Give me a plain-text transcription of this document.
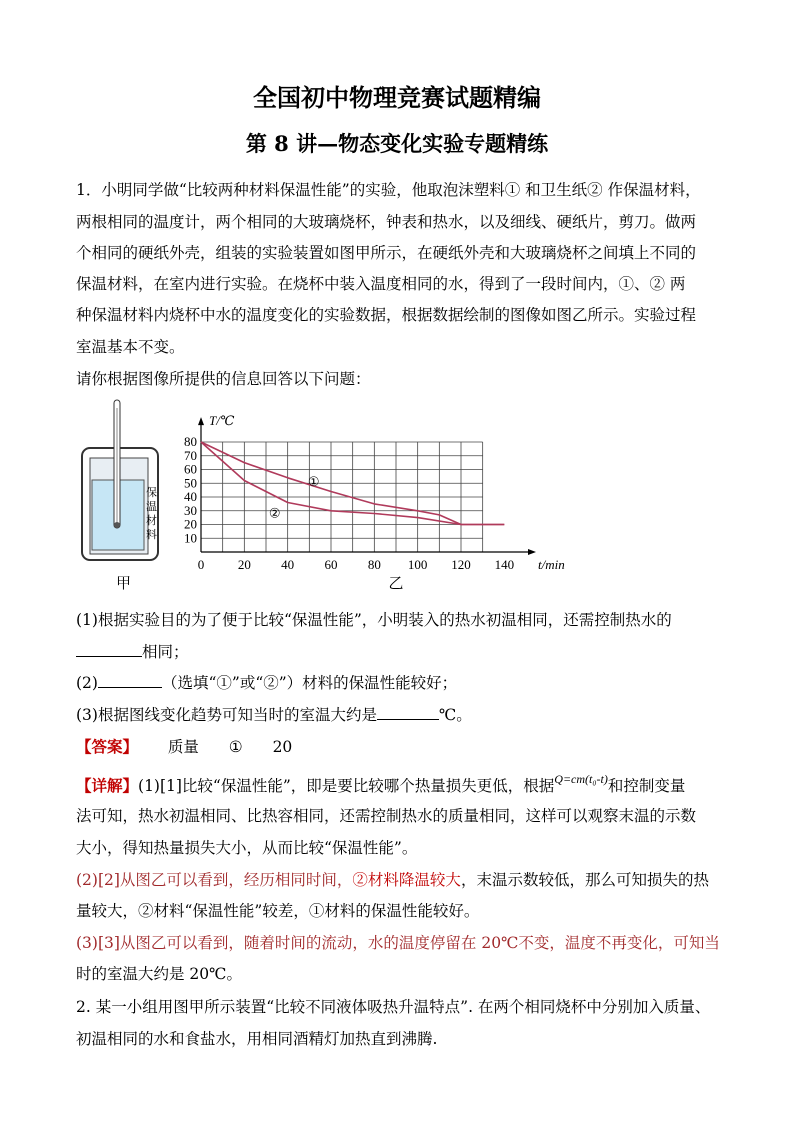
全国初中物理竞赛试题精编
第 8 讲—物态变化实验专题精练
1．小明同学做“比较两种材料保温性能”的实验，他取泡沫塑料① 和卫生纸② 作保温材料，
两根相同的温度计，两个相同的大玻璃烧杯，钟表和热水，以及细线、硬纸片，剪刀。做两
个相同的硬纸外壳，组装的实验装置如图甲所示，在硬纸外壳和大玻璃烧杯之间填上不同的
保温材料，在室内进行实验。在烧杯中装入温度相同的水，得到了一段时间内，①、② 两
种保温材料内烧杯中水的温度变化的实验数据，根据数据绘制的图像如图乙所示。实验过程
室温基本不变。
请你根据图像所提供的信息回答以下问题：
保
温
材
料
甲
10
20
30
40
50
60
70
80
0	20 40 60 80 100 120 140 t/min
T/℃
①
②
乙
(1)根据实验目的为了便于比较“保温性能”，小明装入的热水初温相同，还需控制热水的
相同；
(2)	（选填“①”或“②”）材料的保温性能较好；
(3)根据图线变化趋势可知当时的室温大约是	℃。
【答案】 质量 ① 20
【详解】(1)[1]比较“保温性能”，即是要比较哪个热量损失更低，根据$^{Q=cm(t_0-t)}$和控制变量
法可知，热水初温相同、比热容相同，还需控制热水的质量相同，这样可以观察末温的示数
大小，得知热量损失大小，从而比较“保温性能”。
(2)[2]从图乙可以看到，经历相同时间，②材料降温较大，末温示数较低，那么可知损失的热
量较大，②材料“保温性能”较差，①材料的保温性能较好。
(3)[3]从图乙可以看到，随着时间的流动，水的温度停留在 20℃不变，温度不再变化，可知当
时的室温大约是 20℃。
2. 某一小组用图甲所示装置“比较不同液体吸热升温特点”. 在两个相同烧杯中分别加入质量、
初温相同的水和食盐水，用相同酒精灯加热直到沸腾.
